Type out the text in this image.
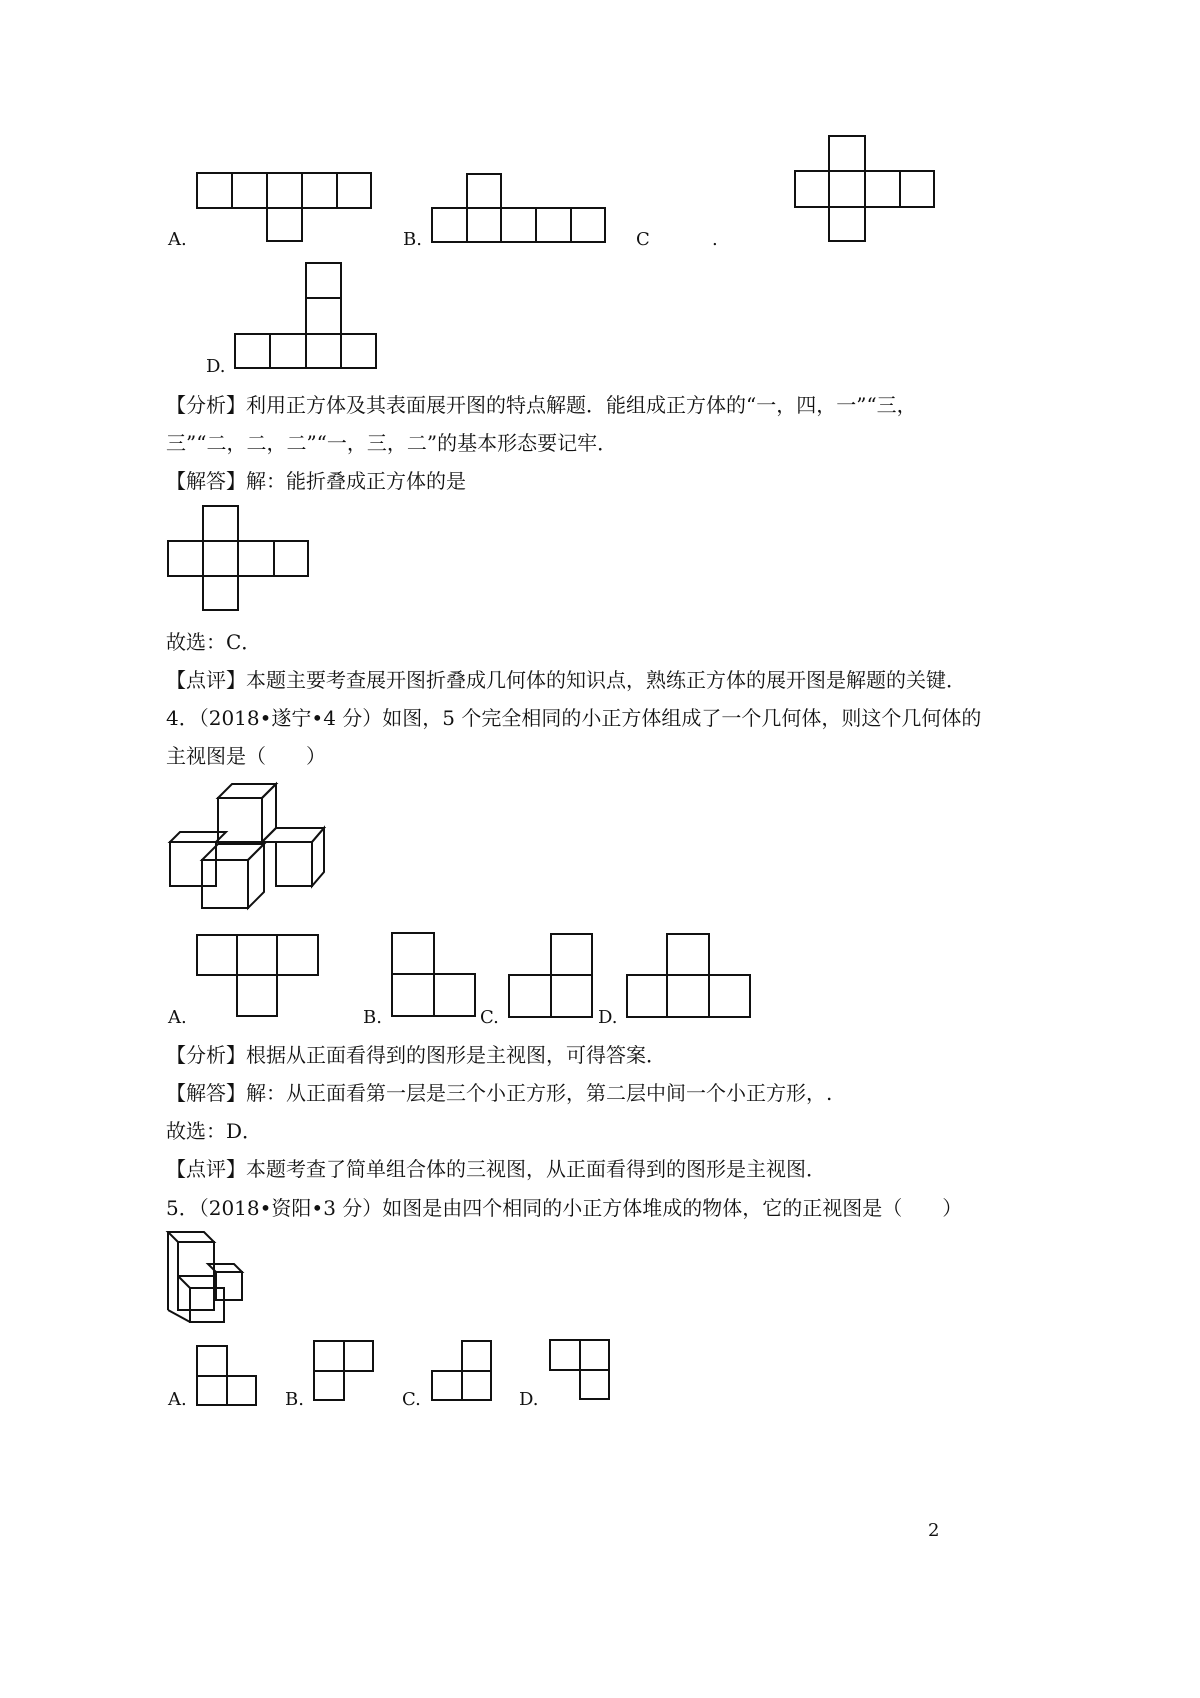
A.	B.	C	.
D.
【分析】利用正方体及其表面展开图的特点解题．能组成正方体的“一，四，一”“三，
三”“二，二，二”“一，三，二”的基本形态要记牢．
【解答】解：能折叠成正方体的是
故选：C．
【点评】本题主要考查展开图折叠成几何体的知识点，熟练正方体的展开图是解题的关键．
4．（2018•遂宁•4 分）如图，5 个完全相同的小正方体组成了一个几何体，则这个几何体的
主视图是（　　）
A.	B.	C.	D.
【分析】根据从正面看得到的图形是主视图，可得答案．
【解答】解：从正面看第一层是三个小正方形，第二层中间一个小正方形，.
故选：D．
【点评】本题考查了简单组合体的三视图，从正面看得到的图形是主视图．
5．（2018•资阳•3 分）如图是由四个相同的小正方体堆成的物体，它的正视图是（　　）
A.	B.	C.	D.
2
